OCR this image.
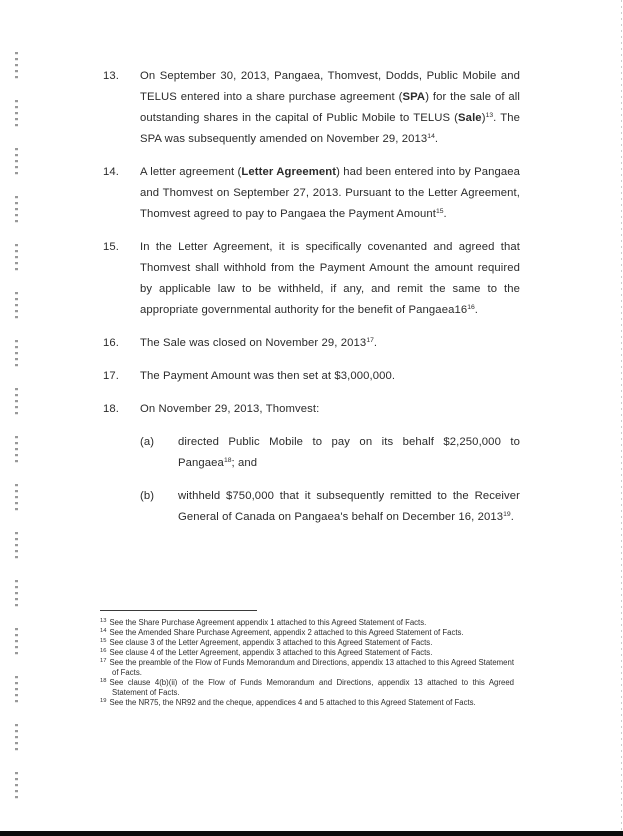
13.	On September 30, 2013, Pangaea, Thomvest, Dodds, Public Mobile and TELUS entered into a share purchase agreement (SPA) for the sale of all outstanding shares in the capital of Public Mobile to TELUS (Sale)$^{13}$. The SPA was subsequently amended on November 29, 2013$^{14}$.
14.	A letter agreement (Letter Agreement) had been entered into by Pangaea and Thomvest on September 27, 2013. Pursuant to the Letter Agreement, Thomvest agreed to pay to Pangaea the Payment Amount$^{15}$.
15.	In the Letter Agreement, it is specifically covenanted and agreed that Thomvest shall withhold from the Payment Amount the amount required by applicable law to be withheld, if any, and remit the same to the appropriate governmental authority for the benefit of $Pangaea16^{16}$.
16.	The Sale was closed on November 29, 2013$^{17}$.
17.	The Payment Amount was then set at $3,000,000.
18.	On November 29, 2013, Thomvest:
(a)	directed Public Mobile to pay on its behalf $2,250,000 to Pangaea$^{18}$; and
(b)	withheld $750,000 that it subsequently remitted to the Receiver General of Canada on Pangaea's behalf on December 16, 2013$^{19}$.
$^{13}$ See the Share Purchase Agreement appendix 1 attached to this Agreed Statement of Facts.
$^{14}$ See the Amended Share Purchase Agreement, appendix 2 attached to this Agreed Statement of Facts.
$^{15}$ See clause 3 of the Letter Agreement, appendix 3 attached to this Agreed Statement of Facts.
$^{16}$ See clause 4 of the Letter Agreement, appendix 3 attached to this Agreed Statement of Facts.
$^{17}$ See the preamble of the Flow of Funds Memorandum and Directions, appendix 13 attached to this Agreed Statement of Facts.
$^{18}$ See clause 4(b)(ii) of the Flow of Funds Memorandum and Directions, appendix 13 attached to this Agreed Statement of Facts.
$^{19}$ See the NR75, the NR92 and the cheque, appendices 4 and 5 attached to this Agreed Statement of Facts.
